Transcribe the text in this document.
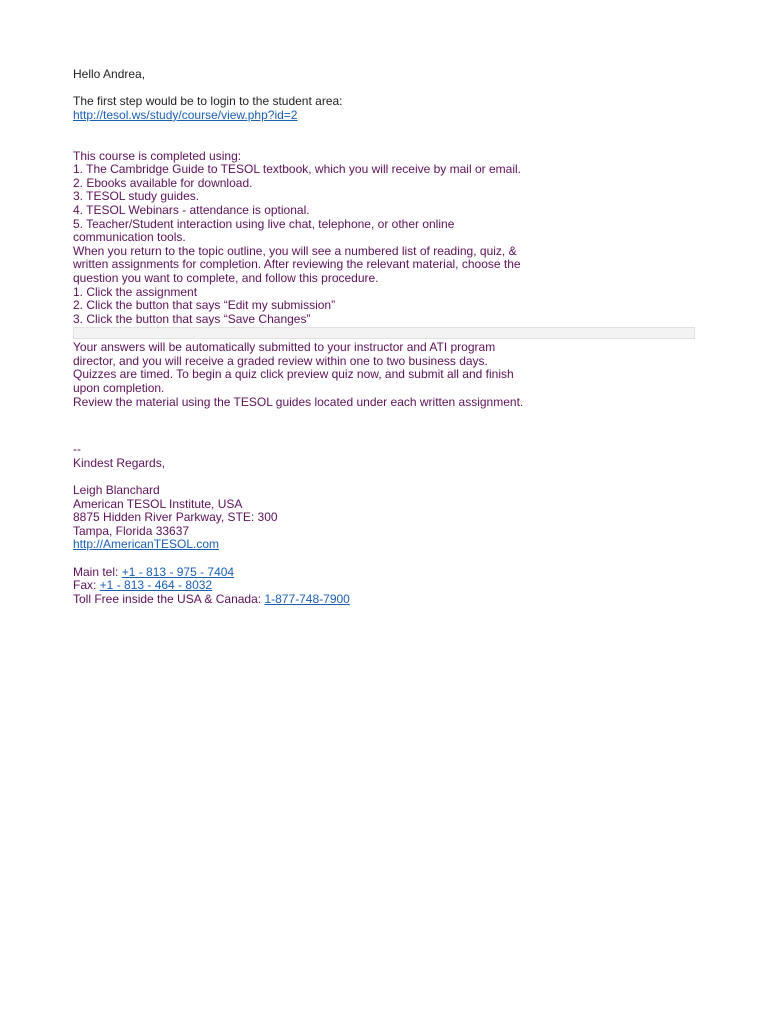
Hello Andrea,
The first step would be to login to the student area:
http://tesol.ws/study/course/view.php?id=2
This course is completed using:
1. The Cambridge Guide to TESOL textbook, which you will receive by mail or email.
2. Ebooks available for download.
3. TESOL study guides.
4. TESOL Webinars - attendance is optional.
5. Teacher/Student interaction using live chat, telephone, or other online
communication tools.
When you return to the topic outline, you will see a numbered list of reading, quiz, &
written assignments for completion. After reviewing the relevant material, choose the
question you want to complete, and follow this procedure.
1. Click the assignment
2. Click the button that says “Edit my submission”
3. Click the button that says “Save Changes”
Your answers will be automatically submitted to your instructor and ATI program
director, and you will receive a graded review within one to two business days.
Quizzes are timed. To begin a quiz click preview quiz now, and submit all and finish
upon completion.
Review the material using the TESOL guides located under each written assignment.
--
Kindest Regards,
Leigh Blanchard
American TESOL Institute, USA
8875 Hidden River Parkway, STE: 300
Tampa, Florida 33637
http://AmericanTESOL.com
Main tel: +1 - 813 - 975 - 7404
Fax: +1 - 813 - 464 - 8032
Toll Free inside the USA & Canada: 1-877-748-7900
